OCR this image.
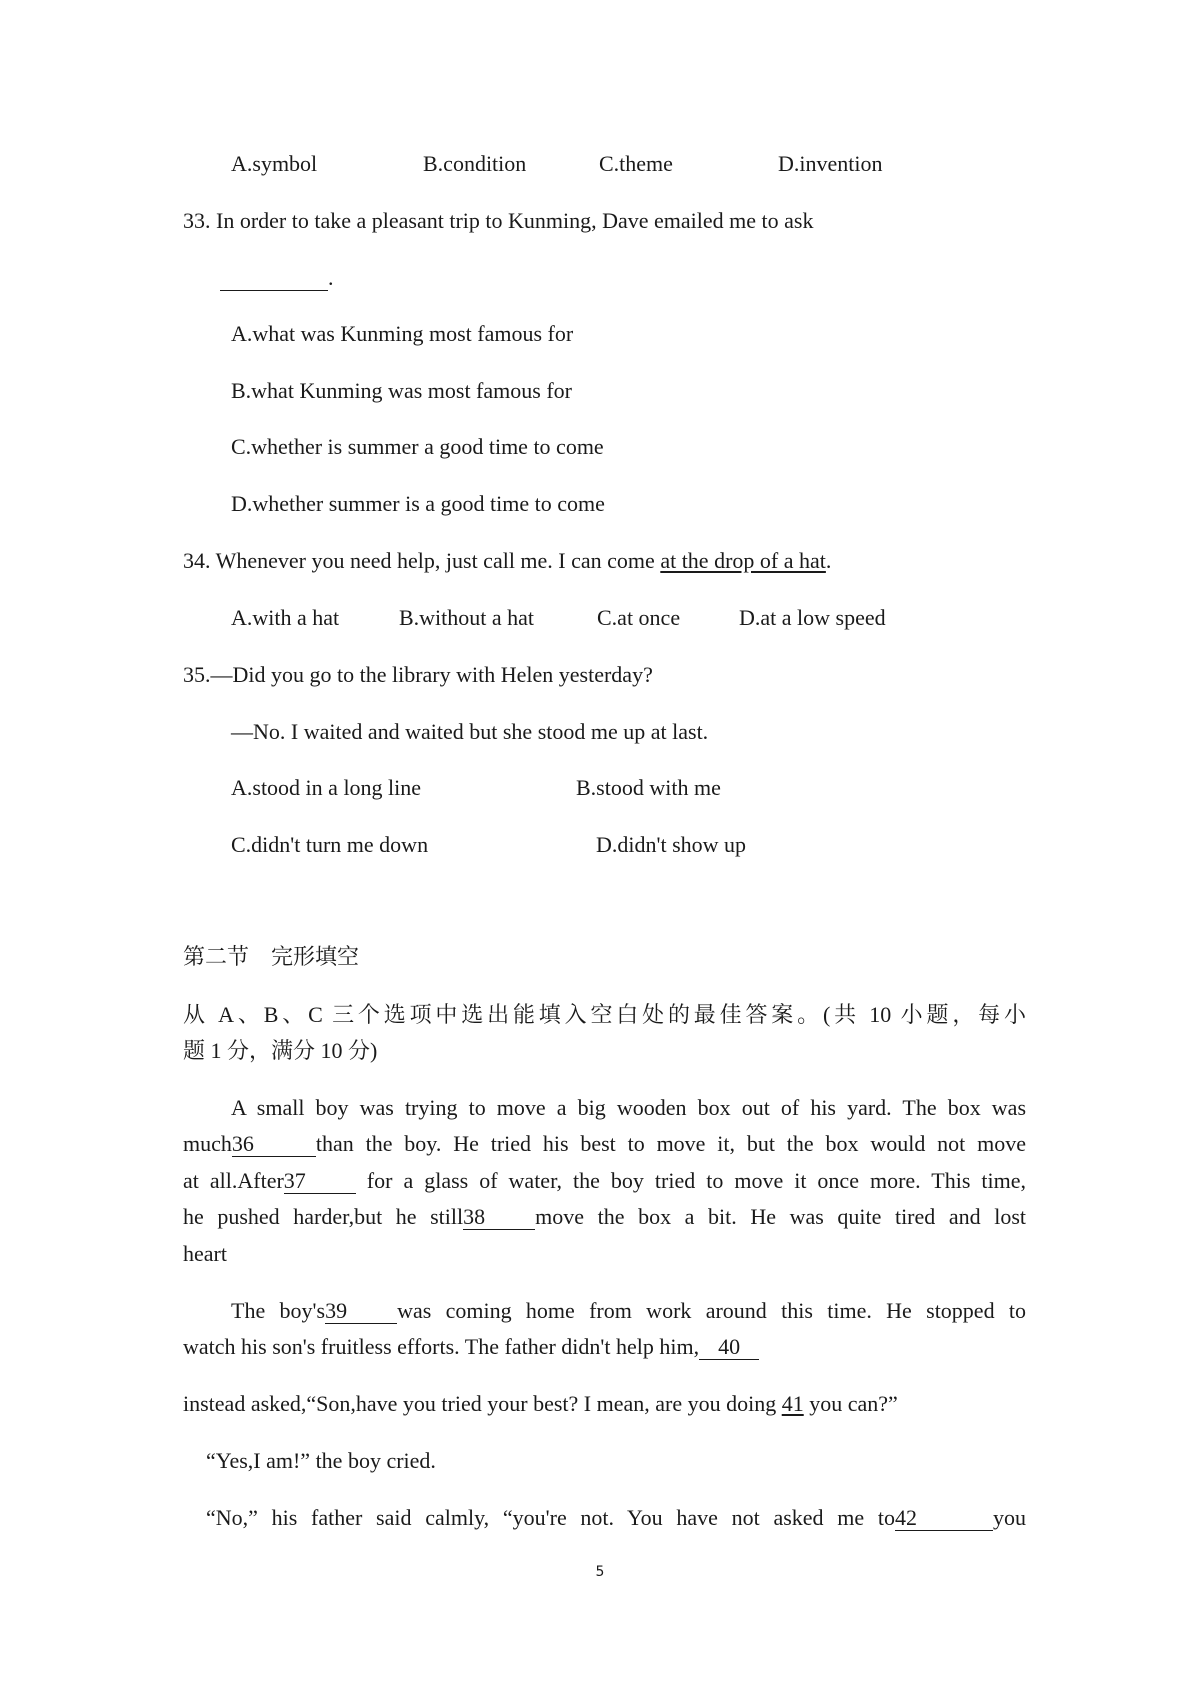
A.symbol	B.condition	C.theme	D.invention
33. In order to take a pleasant trip to Kunming, Dave emailed me to ask
.
A.what was Kunming most famous for
B.what Kunming was most famous for
C.whether is summer a good time to come
D.whether summer is a good time to come
34. Whenever you need help, just call me. I can come at the drop of a hat.
A.with a hat	B.without a hat	C.at once	D.at a low speed
35.—Did you go to the library with Helen yesterday?
—No. I waited and waited but she stood me up at last.
A.stood in a long line	B.stood with me
C.didn't turn me down	D.didn't show up
第二节　完形填空
从 A、B、C 三个选项中选出能填入空白处的最佳答案。(共 10 小题，每小
题 1 分，满分 10 分)
A small boy was trying to move a big wooden box out of his yard. The box was
much36	than the boy. He tried his best to move it, but the box would not move
at all.After37 for a glass of water, the boy tried to move it once more. This time,
he pushed harder,but he still38 move the box a bit. He was quite tired and lost
heart
The boy's39 was coming home from work around this time. He stopped to
watch his son's fruitless efforts. The father didn't help him, 40
instead asked,“Son,have you tried your best? I mean, are you doing 41 you can?”
“Yes,I am!” the boy cried.
“No,” his father said calmly, “you're not. You have not asked me to42	you
5
